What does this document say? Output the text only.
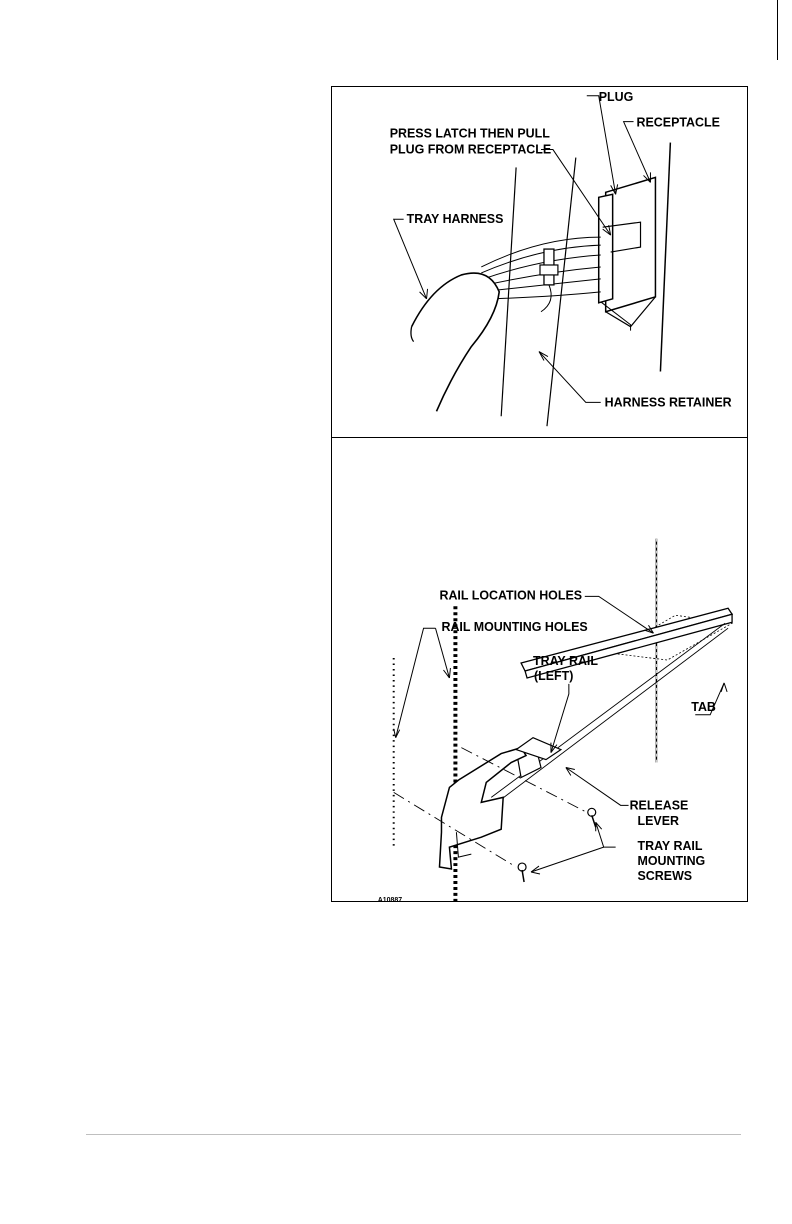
PLUG
RECEPTACLE
PRESS LATCH THEN PULL
PLUG FROM RECEPTACLE
TRAY HARNESS
HARNESS RETAINER
RAIL LOCATION HOLES
RAIL MOUNTING HOLES
TRAY RAIL
(LEFT)
TAB
RELEASE
LEVER
TRAY RAIL
MOUNTING
SCREWS
A10887
